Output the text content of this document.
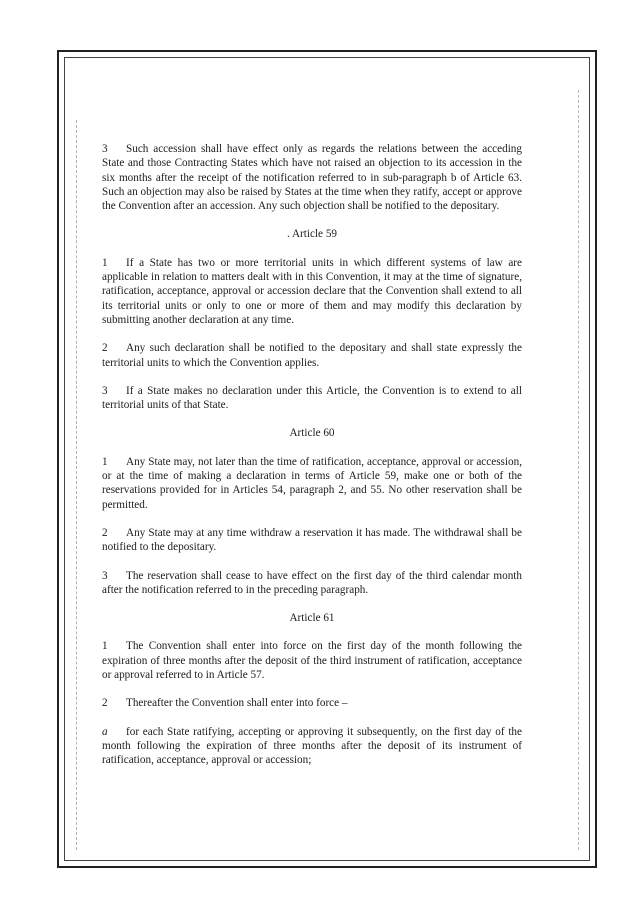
3 Such accession shall have effect only as regards the relations between the acceding State and those Contracting States which have not raised an objection to its accession in the six months after the receipt of the notification referred to in sub-paragraph b of Article 63. Such an objection may also be raised by States at the time when they ratify, accept or approve the Convention after an accession. Any such objection shall be notified to the depositary.

. Article 59

1 If a State has two or more territorial units in which different systems of law are applicable in relation to matters dealt with in this Convention, it may at the time of signature, ratification, acceptance, approval or accession declare that the Convention shall extend to all its territorial units or only to one or more of them and may modify this declaration by submitting another declaration at any time.

2 Any such declaration shall be notified to the depositary and shall state expressly the territorial units to which the Convention applies.

3 If a State makes no declaration under this Article, the Convention is to extend to all territorial units of that State.

Article 60

1 Any State may, not later than the time of ratification, acceptance, approval or accession, or at the time of making a declaration in terms of Article 59, make one or both of the reservations provided for in Articles 54, paragraph 2, and 55. No other reservation shall be permitted.

2 Any State may at any time withdraw a reservation it has made. The withdrawal shall be notified to the depositary.

3 The reservation shall cease to have effect on the first day of the third calendar month after the notification referred to in the preceding paragraph.

Article 61

1 The Convention shall enter into force on the first day of the month following the expiration of three months after the deposit of the third instrument of ratification, acceptance or approval referred to in Article 57.

2 Thereafter the Convention shall enter into force –

a for each State ratifying, accepting or approving it subsequently, on the first day of the month following the expiration of three months after the deposit of its instrument of ratification, acceptance, approval or accession;
